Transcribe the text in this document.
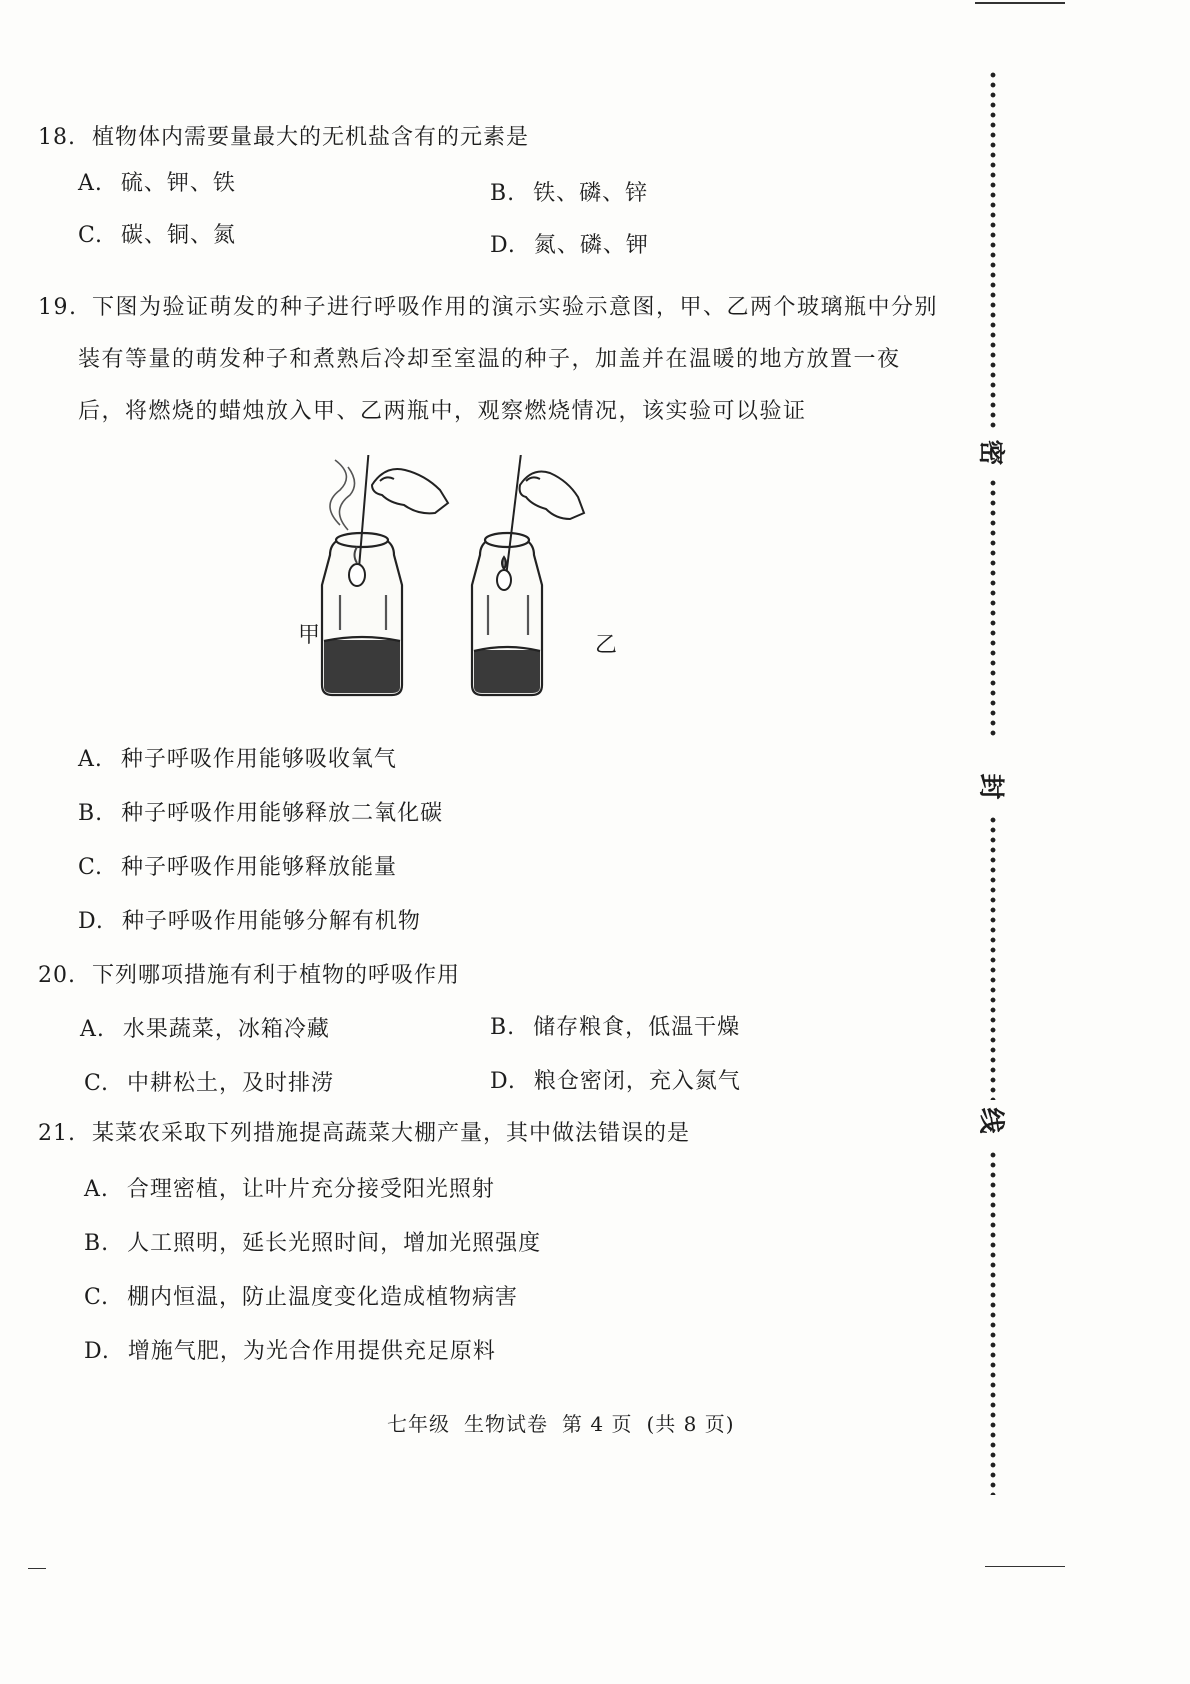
18. 植物体内需要量最大的无机盐含有的元素是
A. 硫、钾、铁	B. 铁、磷、锌
C. 碳、铜、氮	D. 氮、磷、钾
19. 下图为验证萌发的种子进行呼吸作用的演示实验示意图，甲、乙两个玻璃瓶中分别
装有等量的萌发种子和煮熟后冷却至室温的种子，加盖并在温暖的地方放置一夜
后，将燃烧的蜡烛放入甲、乙两瓶中，观察燃烧情况，该实验可以验证
甲	乙
A. 种子呼吸作用能够吸收氧气
B. 种子呼吸作用能够释放二氧化碳
C. 种子呼吸作用能够释放能量
D. 种子呼吸作用能够分解有机物
20. 下列哪项措施有利于植物的呼吸作用
A. 水果蔬菜，冰箱冷藏	B. 储存粮食，低温干燥
C. 中耕松土，及时排涝	D. 粮仓密闭，充入氮气
21. 某菜农采取下列措施提高蔬菜大棚产量，其中做法错误的是
A. 合理密植，让叶片充分接受阳光照射
B. 人工照明，延长光照时间，增加光照强度
C. 棚内恒温，防止温度变化造成植物病害
D. 增施气肥，为光合作用提供充足原料
七年级 生物试卷 第 4 页 (共 8 页)
密
封
线
